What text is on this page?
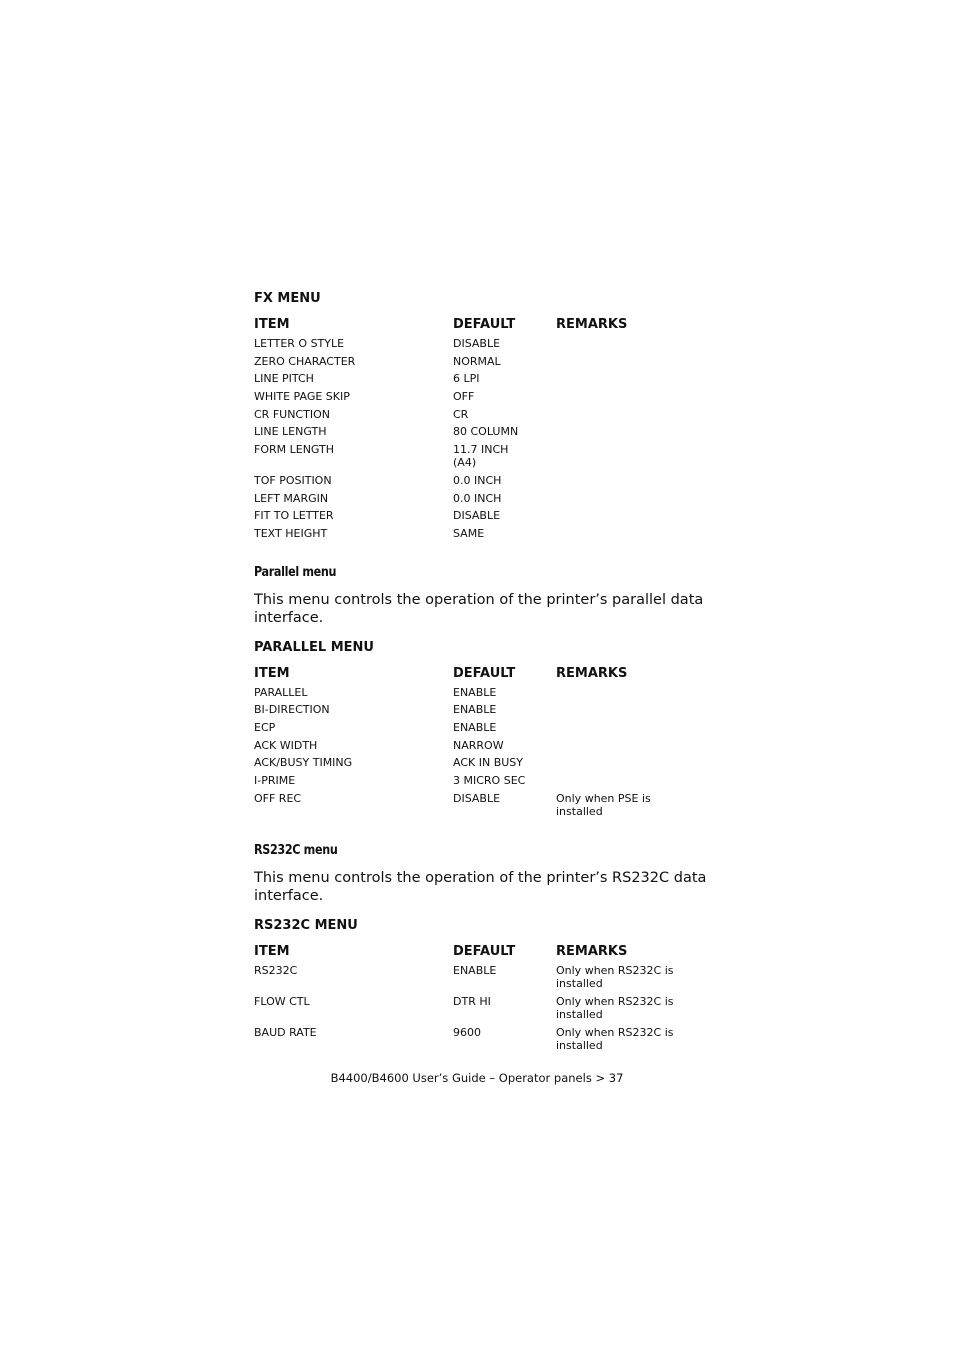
FX MENU
ITEM	DEFAULT	REMARKS
LETTER O STYLE	DISABLE
ZERO CHARACTER	NORMAL
LINE PITCH	6 LPI
WHITE PAGE SKIP	OFF
CR FUNCTION	CR
LINE LENGTH	80 COLUMN
FORM LENGTH	11.7 INCH
(A4)
TOF POSITION	0.0 INCH
LEFT MARGIN	0.0 INCH
FIT TO LETTER	DISABLE
TEXT HEIGHT	SAME
Parallel menu

This menu controls the operation of the printer’s parallel data interface.

PARALLEL MENU
ITEM	DEFAULT	REMARKS
PARALLEL	ENABLE
BI-DIRECTION	ENABLE
ECP	ENABLE
ACK WIDTH	NARROW
ACK/BUSY TIMING	ACK IN BUSY
I-PRIME	3 MICRO SEC
OFF REC	DISABLE	Only when PSE is
installed
RS232C menu

This menu controls the operation of the printer’s RS232C data interface.

RS232C MENU
ITEM	DEFAULT	REMARKS
RS232C	ENABLE	Only when RS232C is
installed
FLOW CTL	DTR HI	Only when RS232C is
installed
BAUD RATE	9600	Only when RS232C is
installed
B4400/B4600 User’s Guide – Operator panels > 37
